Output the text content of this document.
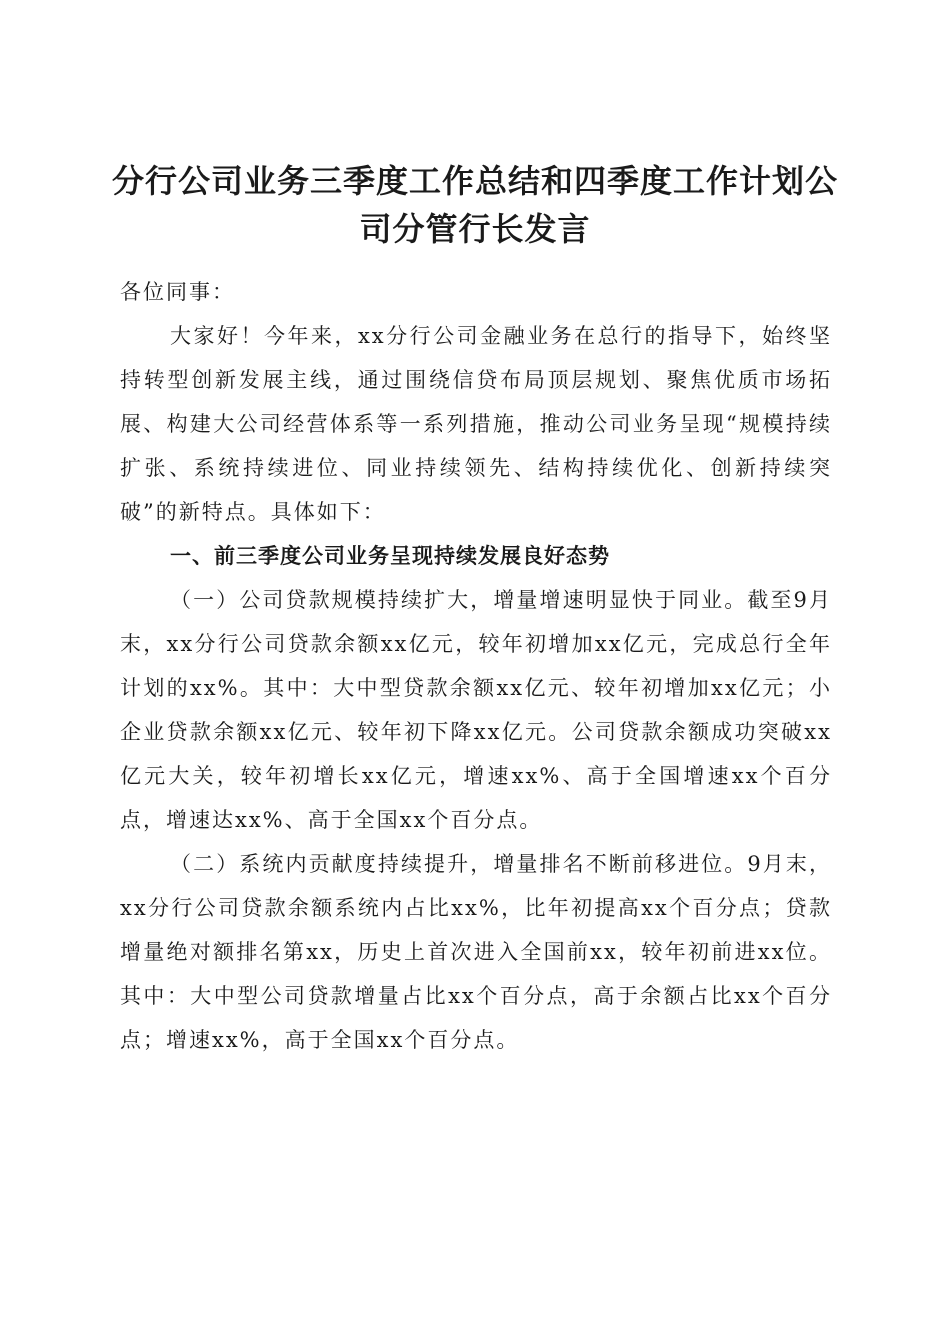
分行公司业务三季度工作总结和四季度工作计划公司分管行长发言

各位同事：

大家好！今年来，xx分行公司金融业务在总行的指导下，始终坚持转型创新发展主线，通过围绕信贷布局顶层规划、聚焦优质市场拓展、构建大公司经营体系等一系列措施，推动公司业务呈现“规模持续扩张、系统持续进位、同业持续领先、结构持续优化、创新持续突破”的新特点。具体如下：

一、前三季度公司业务呈现持续发展良好态势

（一）公司贷款规模持续扩大，增量增速明显快于同业。截至9月末，xx分行公司贷款余额xx亿元，较年初增加xx亿元，完成总行全年计划的xx%。其中：大中型贷款余额xx亿元、较年初增加xx亿元；小企业贷款余额xx亿元、较年初下降xx亿元。公司贷款余额成功突破xx亿元大关，较年初增长xx亿元，增速xx%、高于全国增速xx个百分点，增速达xx%、高于全国xx个百分点。

（二）系统内贡献度持续提升，增量排名不断前移进位。9月末，xx分行公司贷款余额系统内占比xx%，比年初提高xx个百分点；贷款增量绝对额排名第xx，历史上首次进入全国前xx，较年初前进xx位。其中：大中型公司贷款增量占比xx个百分点，高于余额占比xx个百分点；增速xx%，高于全国xx个百分点。
